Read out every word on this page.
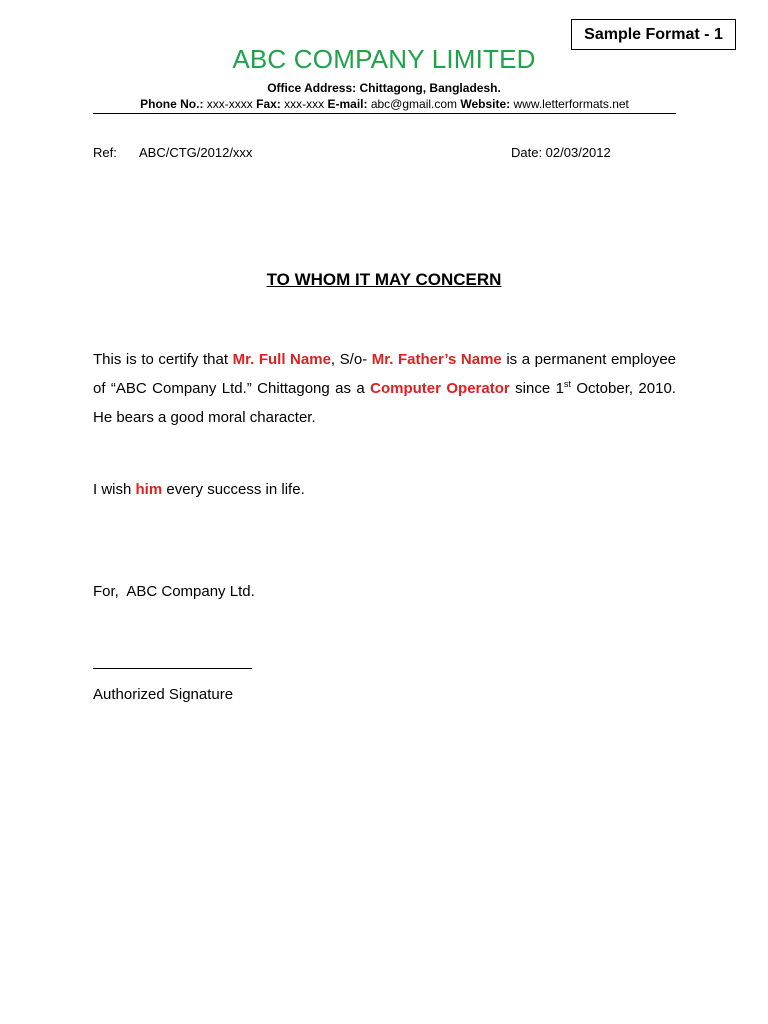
Sample Format - 1
ABC COMPANY LIMITED
Office Address: Chittagong, Bangladesh.
Phone No.: xxx-xxxx Fax: xxx-xxx E-mail: abc@gmail.com Website: www.letterformats.net
Ref: ABC/CTG/2012/xxx	Date: 02/03/2012
TO WHOM IT MAY CONCERN
This is to certify that Mr. Full Name, S/o- Mr. Father’s Name is a permanent employee of “ABC Company Ltd.” Chittagong as a Computer Operator since 1st October, 2010. He bears a good moral character.
I wish him every success in life.
For,  ABC Company Ltd.
Authorized Signature
